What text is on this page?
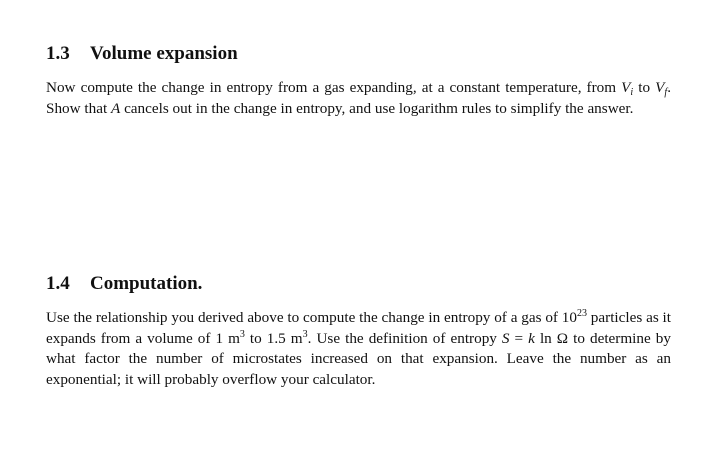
1.3 Volume expansion

Now compute the change in entropy from a gas expanding, at a constant temperature, from $V_i$ to $V_f$. Show that A cancels out in the change in entropy, and use logarithm rules to simplify the answer.

1.4 Computation.

Use the relationship you derived above to compute the change in entropy of a gas of $10^{23}$ particles as it expands from a volume of 1 $m^3$ to 1.5 $m^3$. Use the definition of entropy S = k ln Ω to determine by what factor the number of microstates increased on that expansion. Leave the number as an exponential; it will probably overflow your calculator.
